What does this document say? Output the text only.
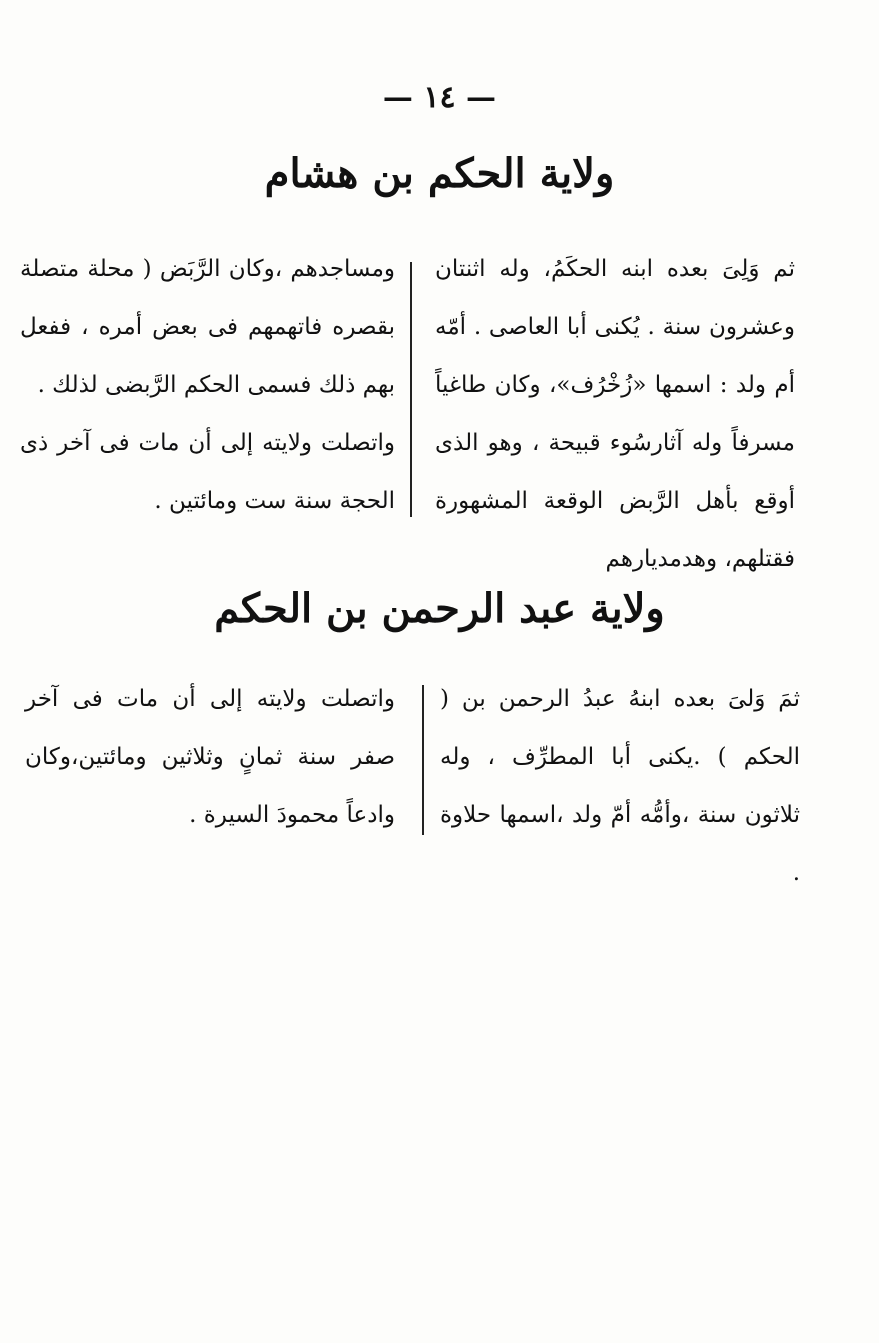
— ١٤ —
ولاية الحكم بن هشام

ثم وَلِىَ بعده ابنه الحكَمُ، وله اثنتان وعشرون سنة . يُكنى أبا العاصى . أمّه أم ولد : اسمها «زُخْرُف»، وكان طاغياً مسرفاً وله آثارسُوء قبيحة ، وهو الذى أوقع بأهل الرَّبض الوقعة المشهورة فقتلهم، وهدمديارهم

ومساجدهم ،وكان الرَّبَض ( محلة متصلة بقصره فاتهمهم فى بعض أمره ، ففعل بهم ذلك فسمى الحكم الرَّبضى لذلك .

واتصلت ولايته إلى أن مات فى آخر ذى الحجة سنة ست ومائتين .

ولاية عبد الرحمن بن الحكم

ثمَ وَلىَ بعده ابنهُ عبدُ الرحمن بن ( الحكم ) .يكنى أبا المطرِّف ، وله ثلاثون سنة ،وأمُّه أمّ ولد ،اسمها حلاوة .

واتصلت ولايته إلى أن مات فى آخر صفر سنة ثمانٍ وثلاثين ومائتين،وكان وادعاً محمودَ السيرة .
